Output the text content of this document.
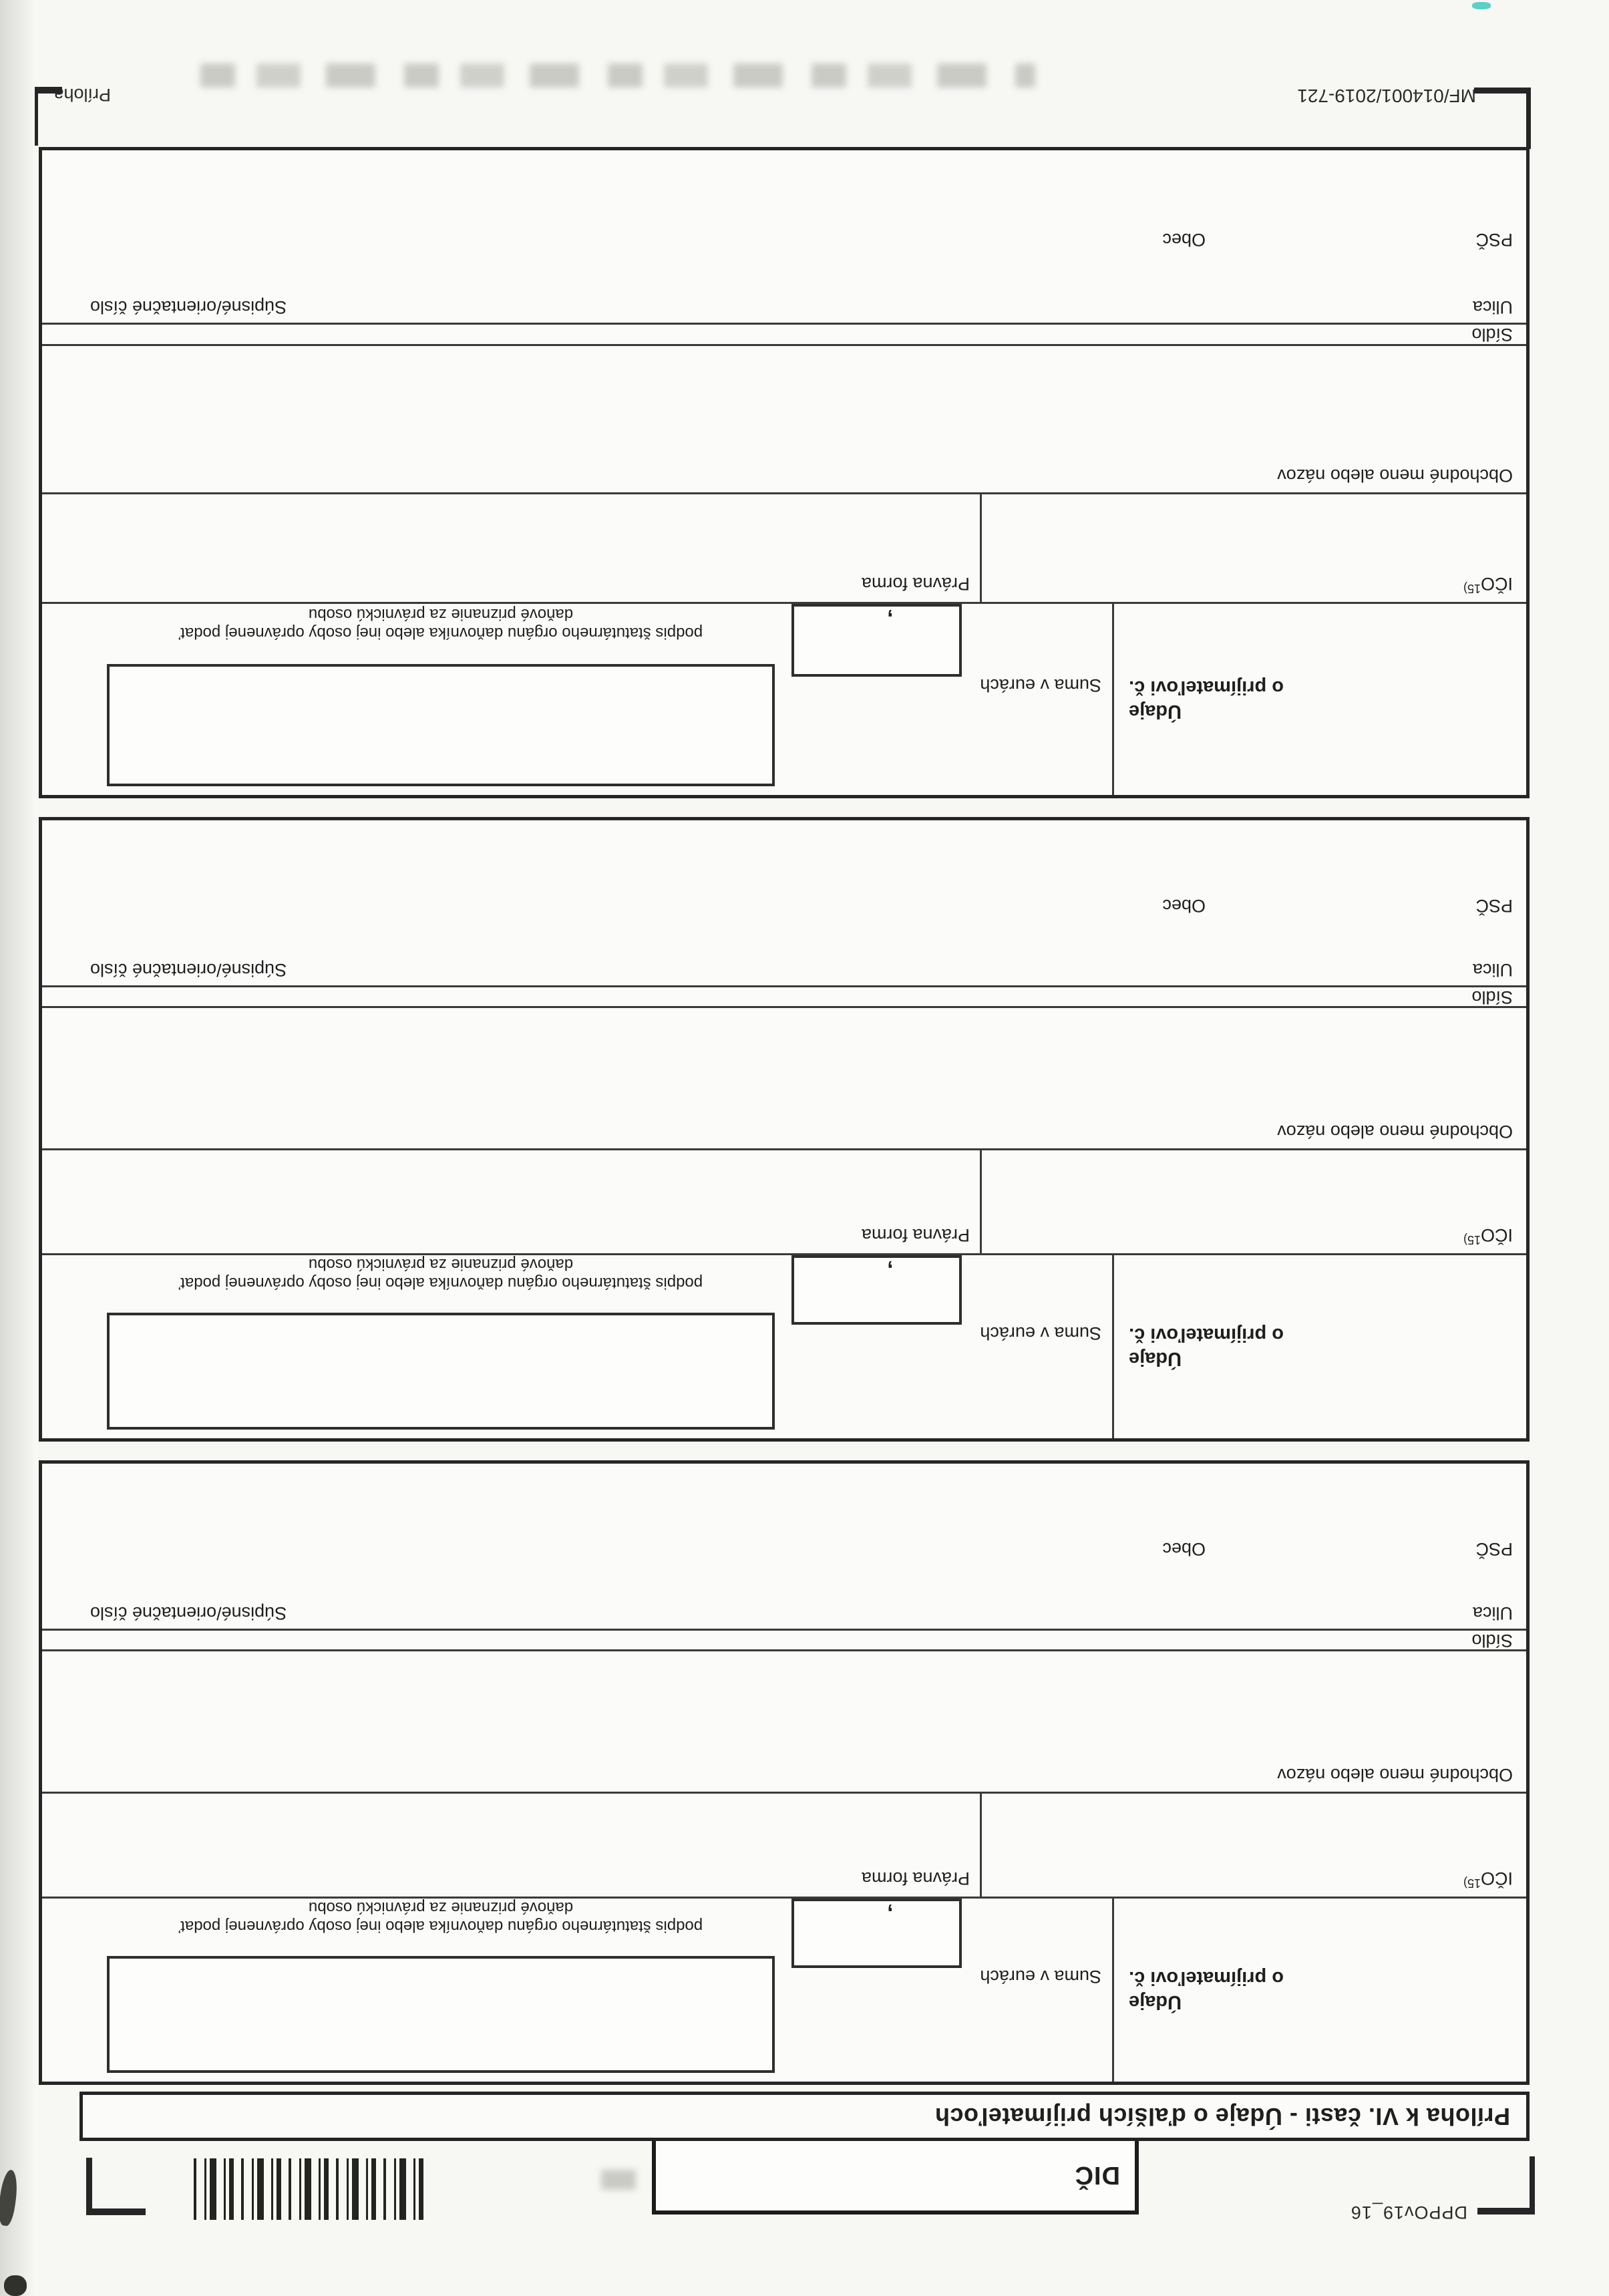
DPPOv19_16
DIČ
Príloha k VI. časti - Údaje o ďalších prijímateľoch
Údaje
o prijímateľovi č.
Suma v eurách
,
podpis štatutárneho orgánu daňovníka alebo inej osoby oprávnenej podať
daňové priznanie za právnickú osobu
IČO$^{15)}$
Právna forma
Obchodné meno alebo názov
Sídlo
Ulica
Súpisné/orientačné číslo
PSČ
Obec
Údaje
o prijímateľovi č.
Suma v eurách
,
podpis štatutárneho orgánu daňovníka alebo inej osoby oprávnenej podať
daňové priznanie za právnickú osobu
IČO$^{15)}$
Právna forma
Obchodné meno alebo názov
Sídlo
Ulica
Súpisné/orientačné číslo
PSČ
Obec
Údaje
o prijímateľovi č.
Suma v eurách
,
podpis štatutárneho orgánu daňovníka alebo inej osoby oprávnenej podať
daňové priznanie za právnickú osobu
IČO$^{15)}$
Právna forma
Obchodné meno alebo názov
Sídlo
Ulica
Súpisné/orientačné číslo
PSČ
Obec
MF/014001/2019-721
Príloha
